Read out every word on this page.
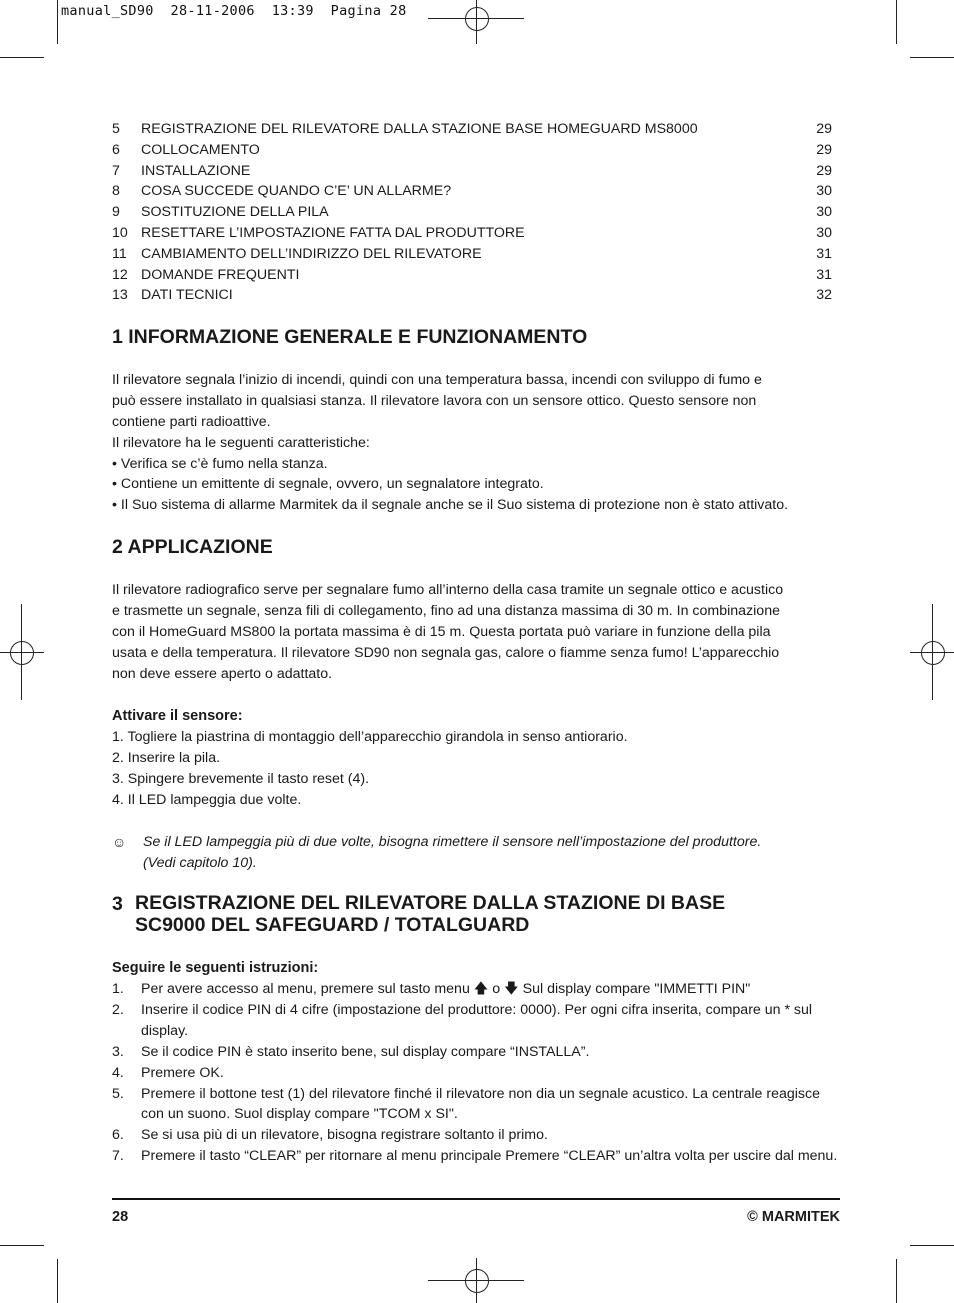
manual_SD90  28-11-2006  13:39  Pagina 28
5 REGISTRAZIONE DEL RILEVATORE DALLA STAZIONE BASE HOMEGUARD MS8000	29
6 COLLOCAMENTO	29
7 INSTALLAZIONE	29
8 COSA SUCCEDE QUANDO C’E’ UN ALLARME?	30
9 SOSTITUZIONE DELLA PILA	30
10 RESETTARE L’IMPOSTAZIONE FATTA DAL PRODUTTORE	30
11 CAMBIAMENTO DELL’INDIRIZZO DEL RILEVATORE	31
12 DOMANDE FREQUENTI	31
13 DATI TECNICI	32
1 INFORMAZIONE GENERALE E FUNZIONAMENTO
Il rilevatore segnala l’inizio di incendi, quindi con una temperatura bassa, incendi con sviluppo di fumo e
può essere installato in qualsiasi stanza. Il rilevatore lavora con un sensore ottico. Questo sensore non
contiene parti radioattive.
Il rilevatore ha le seguenti caratteristiche:
• Verifica se c’è fumo nella stanza.
• Contiene un emittente di segnale, ovvero, un segnalatore integrato.
• Il Suo sistema di allarme Marmitek da il segnale anche se il Suo sistema di protezione non è stato attivato.
2 APPLICAZIONE
Il rilevatore radiografico serve per segnalare fumo all’interno della casa tramite un segnale ottico e acustico
e trasmette un segnale, senza fili di collegamento, fino ad una distanza massima di 30 m. In combinazione
con il HomeGuard MS800 la portata massima è di 15 m. Questa portata può variare in funzione della pila
usata e della temperatura. Il rilevatore SD90 non segnala gas, calore o fiamme senza fumo! L’apparecchio
non deve essere aperto o adattato.
Attivare il sensore:
1. Togliere la piastrina di montaggio dell’apparecchio girandola in senso antiorario.
2. Inserire la pila.
3. Spingere brevemente il tasto reset (4).
4. Il LED lampeggia due volte.
☺ Se il LED lampeggia più di due volte, bisogna rimettere il sensore nell’impostazione del produttore.
(Vedi capitolo 10).
3 REGISTRAZIONE DEL RILEVATORE DALLA STAZIONE DI BASE
SC9000 DEL SAFEGUARD / TOTALGUARD
Seguire le seguenti istruzioni:
1. Per avere accesso al menu, premere sul tasto menu 🡅 o 🡇 Sul display compare "IMMETTI PIN"
2. Inserire il codice PIN di 4 cifre (impostazione del produttore: 0000). Per ogni cifra inserita, compare un * sul display.
3. Se il codice PIN è stato inserito bene, sul display compare “INSTALLA”.
4. Premere OK.
5. Premere il bottone test (1) del rilevatore finché il rilevatore non dia un segnale acustico. La centrale reagisce con un suono. Suol display compare "TCOM x SI".
6. Se si usa più di un rilevatore, bisogna registrare soltanto il primo.
7. Premere il tasto “CLEAR” per ritornare al menu principale Premere “CLEAR” un’altra volta per uscire dal menu.
28	© MARMITEK
